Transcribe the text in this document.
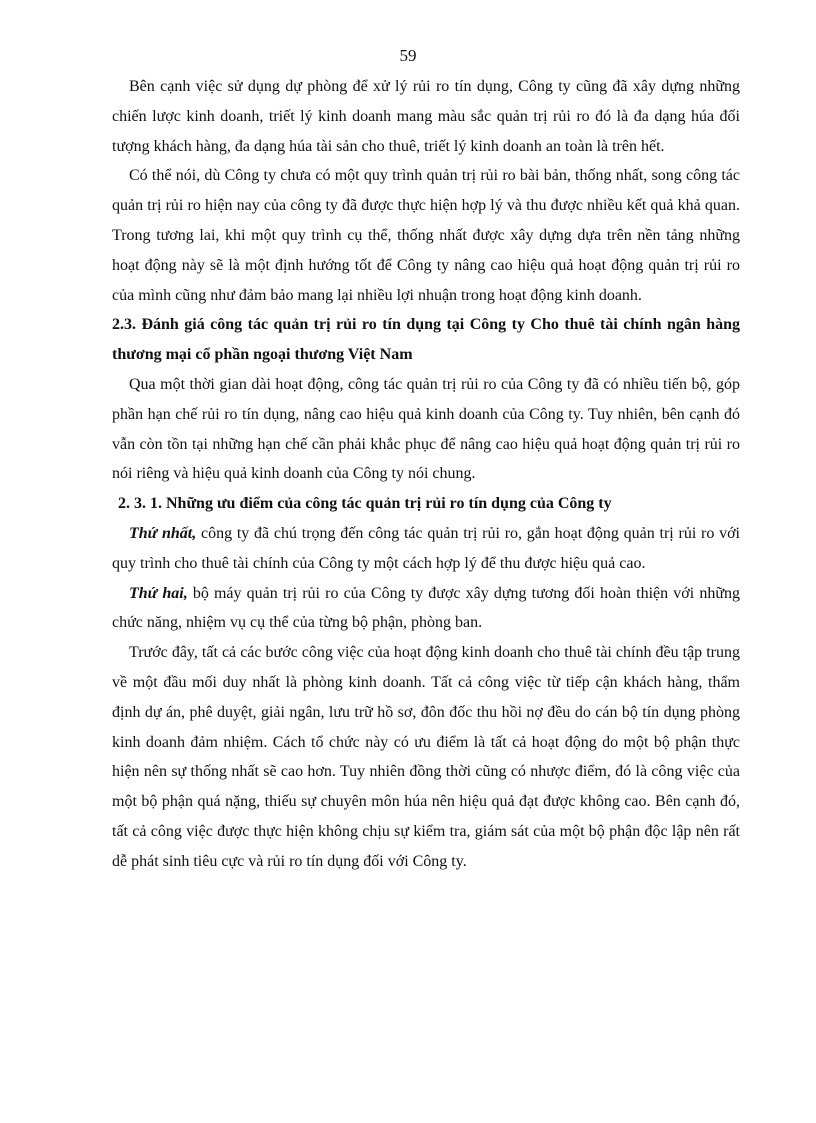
59

Bên cạnh việc sử dụng dự phòng để xử lý rủi ro tín dụng, Công ty cũng đã xây dựng những chiến lược kinh doanh, triết lý kinh doanh mang màu sắc quản trị rủi ro đó là đa dạng húa đối tượng khách hàng, đa dạng húa tài sản cho thuê, triết lý kinh doanh an toàn là trên hết.

Có thể nói, dù Công ty chưa có một quy trình quản trị rủi ro bài bản, thống nhất, song công tác quản trị rủi ro hiện nay của công ty đã được thực hiện hợp lý và thu được nhiều kết quả khả quan. Trong tương lai, khi một quy trình cụ thể, thống nhất được xây dựng dựa trên nền tảng những hoạt động này sẽ là một định hướng tốt để Công ty nâng cao hiệu quả hoạt động quản trị rủi ro của mình cũng như đảm bảo mang lại nhiều lợi nhuận trong hoạt động kinh doanh.

2.3. Đánh giá công tác quản trị rủi ro tín dụng tại Công ty Cho thuê tài chính ngân hàng thương mại cổ phần ngoại thương Việt Nam

Qua một thời gian dài hoạt động, công tác quản trị rủi ro của Công ty đã có nhiều tiến bộ, góp phần hạn chế rủi ro tín dụng, nâng cao hiệu quả kinh doanh của Công ty. Tuy nhiên, bên cạnh đó vẫn còn tồn tại những hạn chế cần phải khắc phục để nâng cao hiệu quả hoạt động quản trị rủi ro nói riêng và hiệu quả kinh doanh của Công ty nói chung.

2. 3. 1. Những ưu điểm của công tác quản trị rủi ro tín dụng của Công ty

Thứ nhất, công ty đã chú trọng đến công tác quản trị rủi ro, gắn hoạt động quản trị rủi ro với quy trình cho thuê tài chính của Công ty một cách hợp lý để thu được hiệu quả cao.

Thứ hai, bộ máy quản trị rủi ro của Công ty được xây dựng tương đối hoàn thiện với những chức năng, nhiệm vụ cụ thể của từng bộ phận, phòng ban.

Trước đây, tất cả các bước công việc của hoạt động kinh doanh cho thuê tài chính đều tập trung về một đầu mối duy nhất là phòng kinh doanh. Tất cả công việc từ tiếp cận khách hàng, thẩm định dự án, phê duyệt, giải ngân, lưu trữ hồ sơ, đôn đốc thu hồi nợ đều do cán bộ tín dụng phòng kinh doanh đảm nhiệm. Cách tổ chức này có ưu điểm là tất cả hoạt động do một bộ phận thực hiện nên sự thống nhất sẽ cao hơn. Tuy nhiên đồng thời cũng có nhược điểm, đó là công việc của một bộ phận quá nặng, thiếu sự chuyên môn húa nên hiệu quả đạt được không cao. Bên cạnh đó, tất cả công việc được thực hiện không chịu sự kiểm tra, giám sát của một bộ phận độc lập nên rất dễ phát sinh tiêu cực và rủi ro tín dụng đối với Công ty.
